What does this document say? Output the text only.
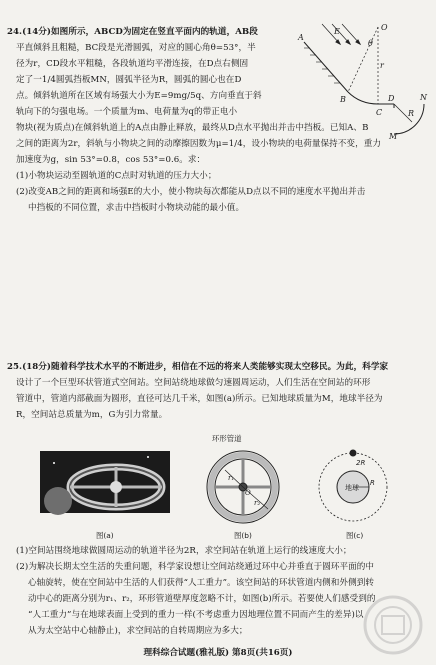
24.(14分)如图所示，ABCD为固定在竖直平面内的轨道，AB段
平直倾斜且粗糙，BC段是光滑圆弧，对应的圆心角θ=53°，半
径为r，CD段水平粗糙，各段轨道均平滑连接，在D点右侧固
定了一1/4圆弧挡板MN，圆弧半径为R，圆弧的圆心也在D
点。倾斜轨道所在区域有场强大小为E=9mg/5q、方向垂直于斜
轨向下的匀强电场。一个质量为m、电荷量为q的带正电小
物块(视为质点)在倾斜轨道上的A点由静止释放，最终从D点水平抛出并击中挡板。已知A、B
之间的距离为2r，斜轨与小物块之间的动摩擦因数为μ=1/4，设小物块的电荷量保持不变，重力
加速度为g，sin 53°=0.8，cos 53°=0.6。求：
(1)小物块运动至圆轨道的C点时对轨道的压力大小；
(2)改变AB之间的距离和场强E的大小，使小物块每次都能从D点以不同的速度水平抛出并击
中挡板的不同位置，求击中挡板时小物块动能的最小值。
A
B
C
D
E
M
N
O
R
r
θ
25.(18分)随着科学技术水平的不断进步，相信在不远的将来人类能够实现太空移民。为此，科学家
设计了一个巨型环状管道式空间站。空间站绕地球做匀速圆周运动，人们生活在空间站的环形
管道中，管道内部截面为圆形，直径可达几千米，如图(a)所示。已知地球质量为M，地球半径为
R，空间站总质量为m，G为引力常量。
r₁
r₂
O
地球
R
2R
环形管道
图(a)	图(b)	图(c)
(1)空间站围绕地球做圆周运动的轨道半径为2R，求空间站在轨道上运行的线速度大小；
(2)为解决长期太空生活的失重问题，科学家设想让空间站绕通过环中心并垂直于圆环平面的中
心轴旋转，使在空间站中生活的人们获得“人工重力”。该空间站的环状管道内侧和外侧到转
动中心的距离分别为r₁、r₂，环形管道壁厚度忽略不计，如图(b)所示。若要使人们感受到的
“人工重力”与在地球表面上受到的重力一样(不考虑重力因地理位置不同而产生的差异)以
从为太空站中心轴静止)，求空间站的自转周期应为多大；
理科综合试题(雅礼版) 第8页(共16页)
